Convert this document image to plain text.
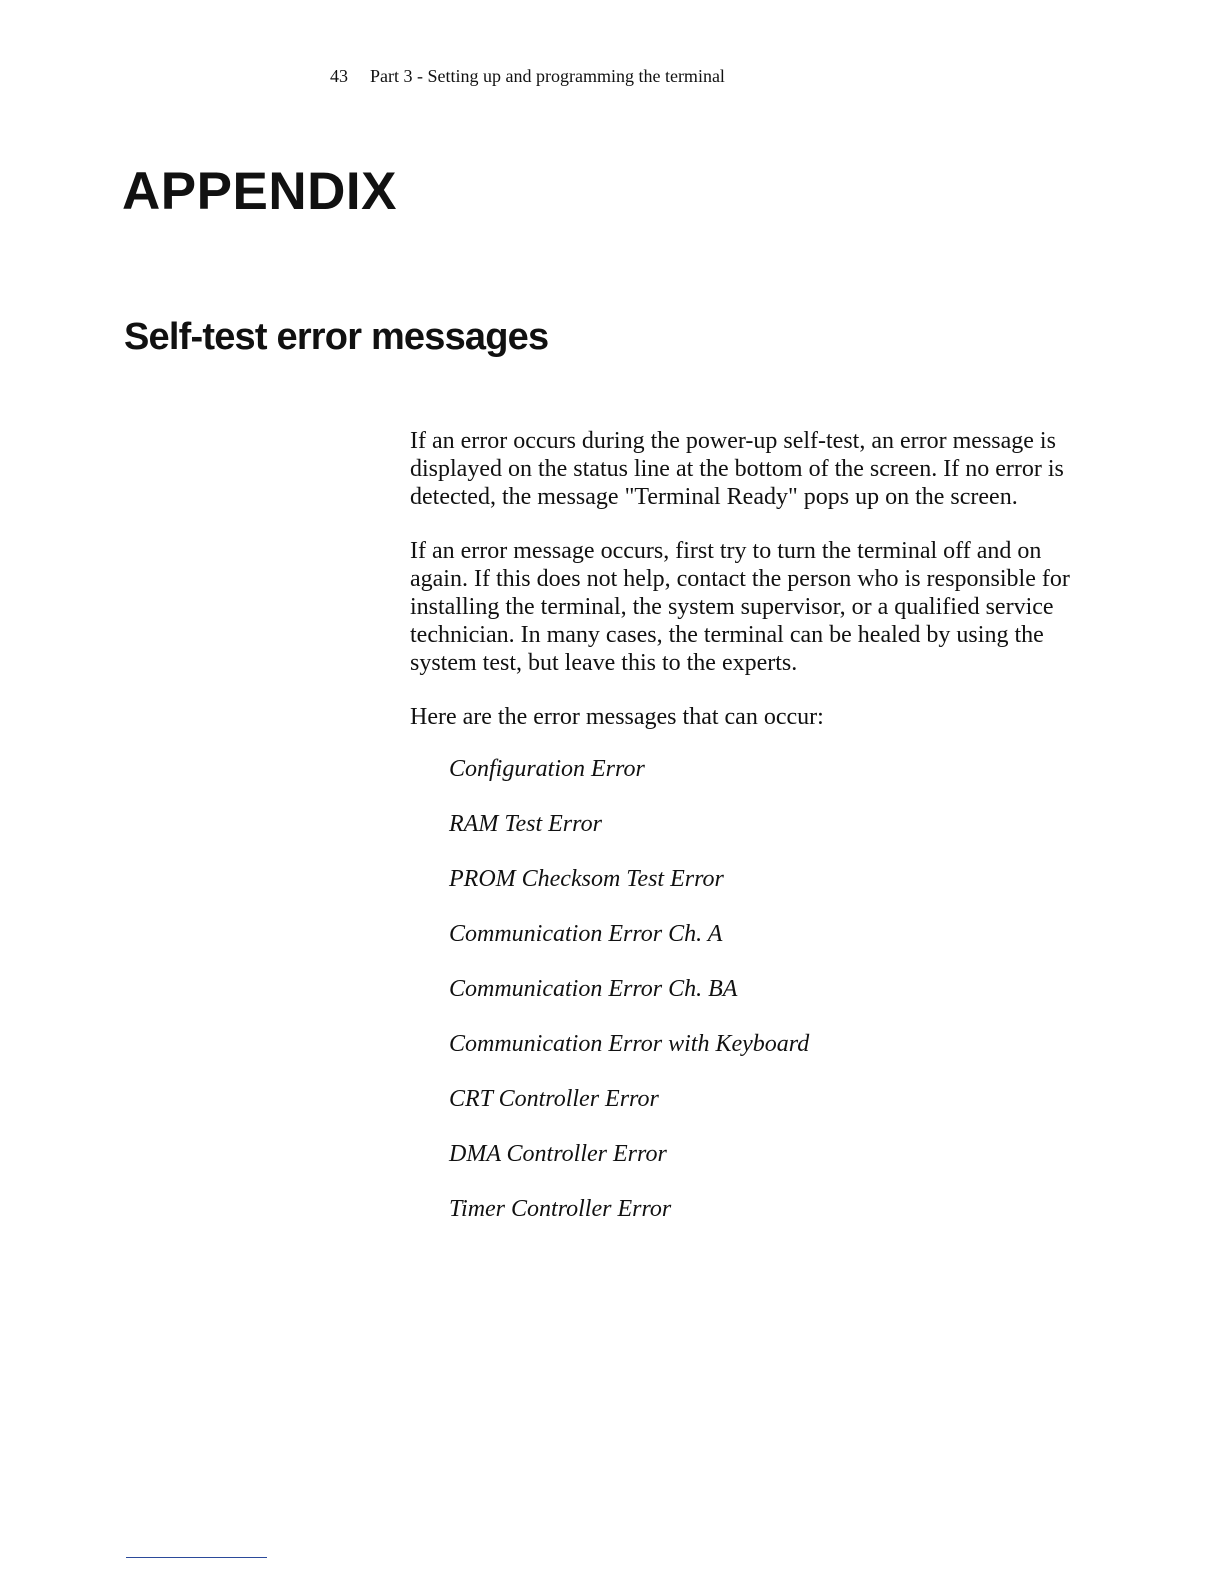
43 Part 3 - Setting up and programming the terminal
APPENDIX
Self-test error messages

If an error occurs during the power-up self-test, an error message is displayed on the status line at the bottom of the screen. If no error is detected, the message "Terminal Ready" pops up on the screen.

If an error message occurs, first try to turn the terminal off and on again. If this does not help, contact the person who is responsible for installing the terminal, the system supervisor, or a qualified service technician. In many cases, the terminal can be healed by using the system test, but leave this to the experts.

Here are the error messages that can occur:

Configuration Error
RAM Test Error
PROM Checksom Test Error
Communication Error Ch. A
Communication Error Ch. BA
Communication Error with Keyboard
CRT Controller Error
DMA Controller Error
Timer Controller Error
